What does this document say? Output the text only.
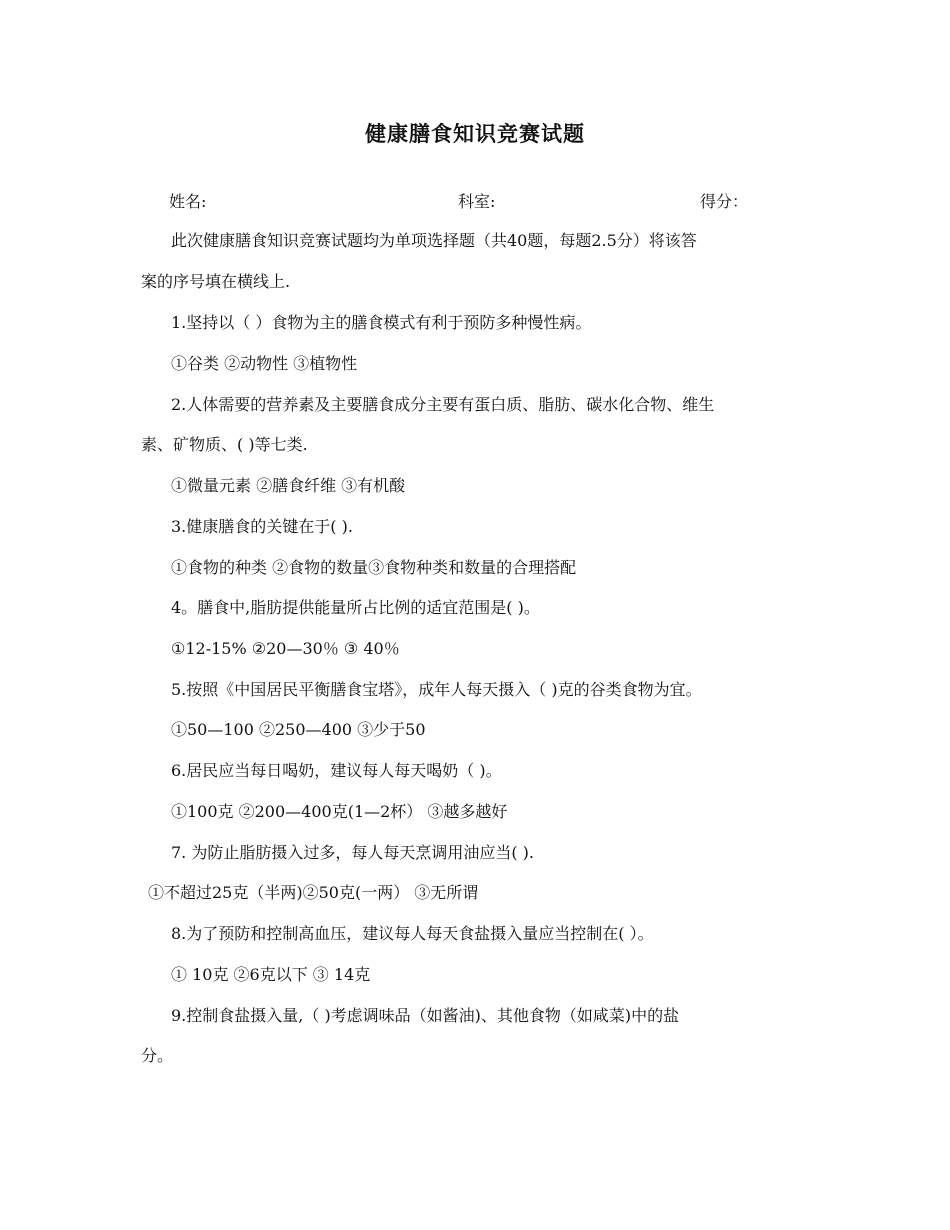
健康膳食知识竞赛试题
姓名:	科室:	得分：
此次健康膳食知识竞赛试题均为单项选择题（共40题，每题2.5分）将该答
案的序号填在横线上.
1.坚持以（ ）食物为主的膳食模式有利于预防多种慢性病。
①谷类 ②动物性 ③植物性
2.人体需要的营养素及主要膳食成分主要有蛋白质、脂肪、碳水化合物、维生
素、矿物质、( )等七类.
①微量元素 ②膳食纤维 ③有机酸
3.健康膳食的关键在于( ).
①食物的种类 ②食物的数量③食物种类和数量的合理搭配
4。膳食中,脂肪提供能量所占比例的适宜范围是( )。
①12-15% ②20—30％ ③ 40％
5.按照《中国居民平衡膳食宝塔》，成年人每天摄入（ )克的谷类食物为宜。
①50—100 ②250—400 ③少于50
6.居民应当每日喝奶，建议每人每天喝奶（ )。
①100克 ②200—400克(1—2杯） ③越多越好
7. 为防止脂肪摄入过多，每人每天烹调用油应当( ).
①不超过25克（半两)②50克(一两） ③无所谓
8.为了预防和控制高血压，建议每人每天食盐摄入量应当控制在( ）。
① 10克 ②6克以下 ③ 14克
9.控制食盐摄入量,（ )考虑调味品（如酱油)、其他食物（如咸菜)中的盐
分。
